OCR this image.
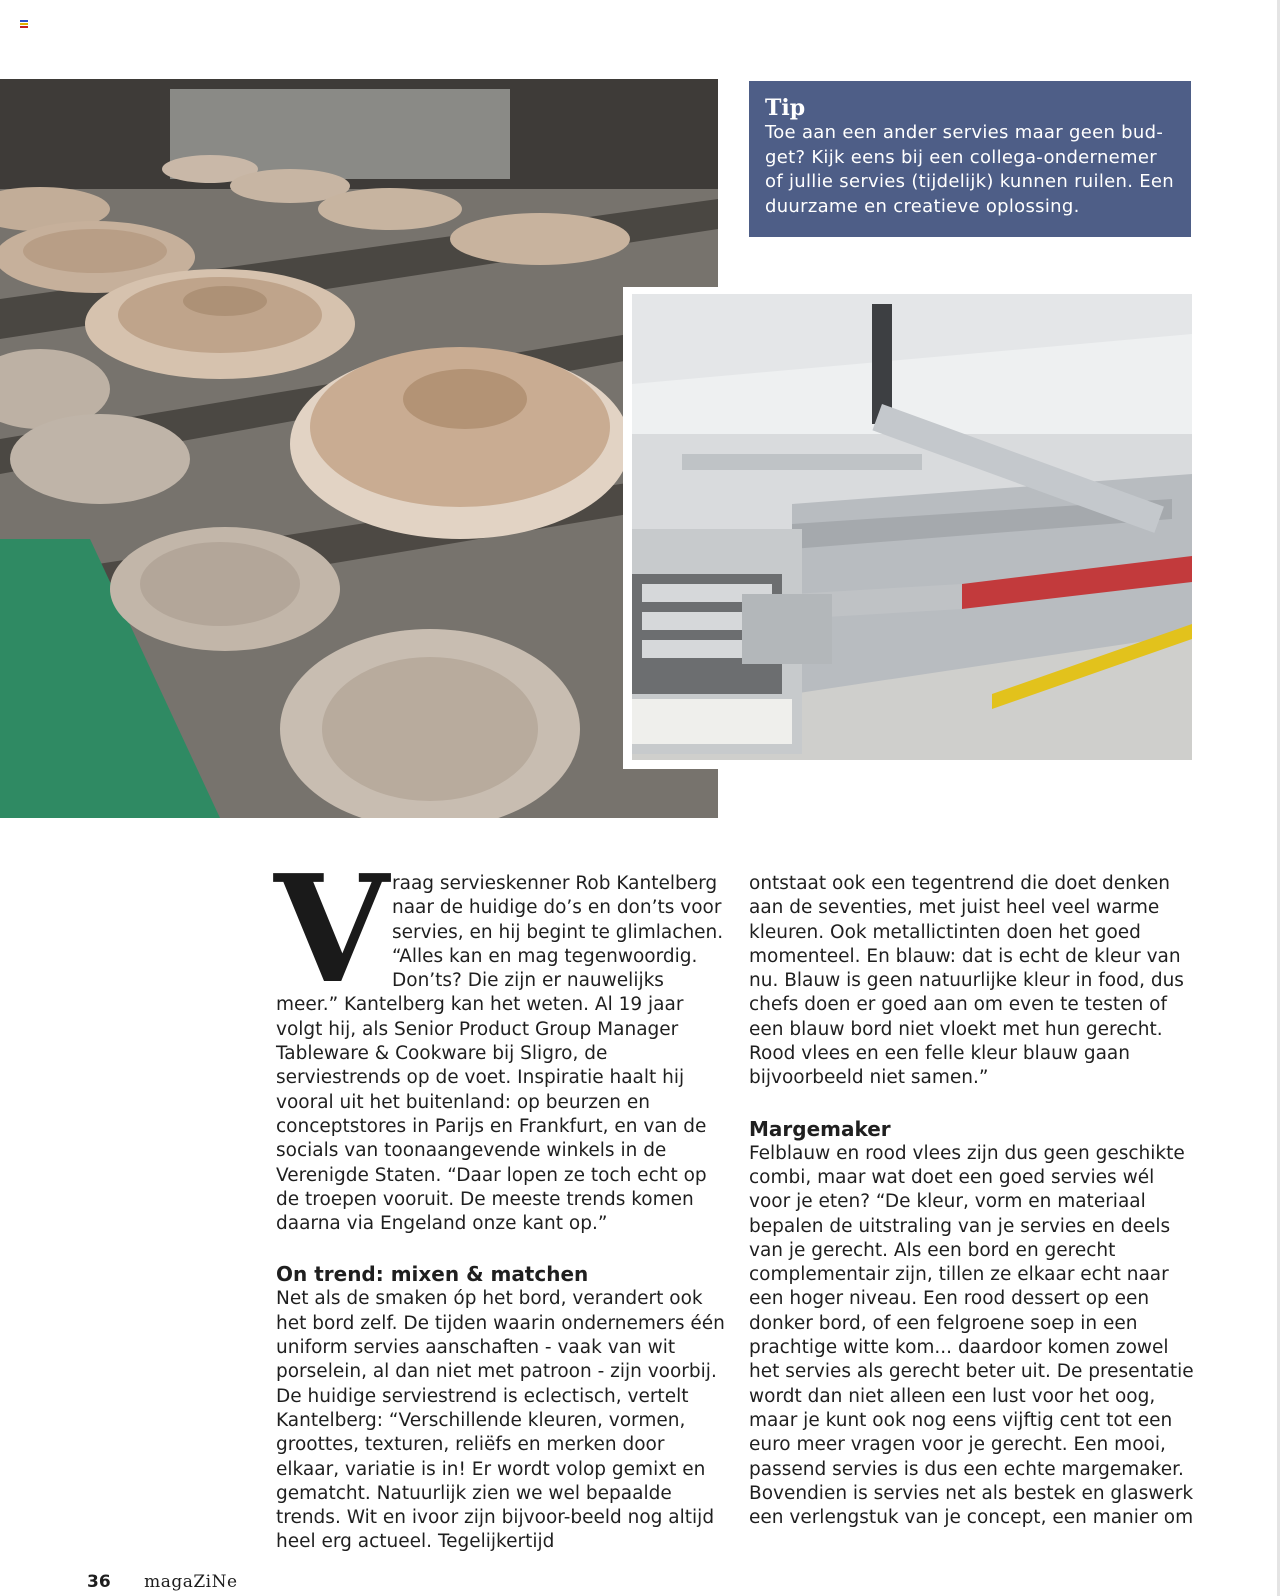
Tip
Toe aan een ander servies maar geen bud-get? Kijk eens bij een collega-ondernemer of jullie servies (tijdelijk) kunnen ruilen. Een duurzame en creatieve oplossing.
V raag servieskenner Rob Kantelberg naar de huidige do’s en don’ts voor servies, en hij begint te glimlachen. “Alles kan en mag tegenwoordig. Don’ts? Die zijn er nauwelijks meer.” Kantelberg kan het weten. Al 19 jaar volgt hij, als Senior Product Group Manager Tableware & Cookware bij Sligro, de serviestrends op de voet. Inspiratie haalt hij vooral uit het buitenland: op beurzen en conceptstores in Parijs en Frankfurt, en van de socials van toonaangevende winkels in de Verenigde Staten. “Daar lopen ze toch echt op de troepen vooruit. De meeste trends komen daarna via Engeland onze kant op.”

On trend: mixen & matchen

Net als de smaken óp het bord, verandert ook het bord zelf. De tijden waarin ondernemers één uniform servies aanschaften - vaak van wit porselein, al dan niet met patroon - zijn voorbij. De huidige serviestrend is eclectisch, vertelt Kantelberg: “Verschillende kleuren, vormen, groottes, texturen, reliëfs en merken door elkaar, variatie is in! Er wordt volop gemixt en gematcht. Natuurlijk zien we wel bepaalde trends. Wit en ivoor zijn bijvoor-beeld nog altijd heel erg actueel. Tegelijkertijd

ontstaat ook een tegentrend die doet denken aan de seventies, met juist heel veel warme kleuren. Ook metallictinten doen het goed momenteel. En blauw: dat is echt de kleur van nu. Blauw is geen natuurlijke kleur in food, dus chefs doen er goed aan om even te testen of een blauw bord niet vloekt met hun gerecht. Rood vlees en een felle kleur blauw gaan bijvoorbeeld niet samen.”

Margemaker

Felblauw en rood vlees zijn dus geen geschikte combi, maar wat doet een goed servies wél voor je eten? “De kleur, vorm en materiaal bepalen de uitstraling van je servies en deels van je gerecht. Als een bord en gerecht complementair zijn, tillen ze elkaar echt naar een hoger niveau. Een rood dessert op een donker bord, of een felgroene soep in een prachtige witte kom... daardoor komen zowel het servies als gerecht beter uit. De presentatie wordt dan niet alleen een lust voor het oog, maar je kunt ook nog eens vijftig cent tot een euro meer vragen voor je gerecht. Een mooi, passend servies is dus een echte margemaker. Bovendien is servies net als bestek en glaswerk een verlengstuk van je concept, een manier om

36 magaZiNe
